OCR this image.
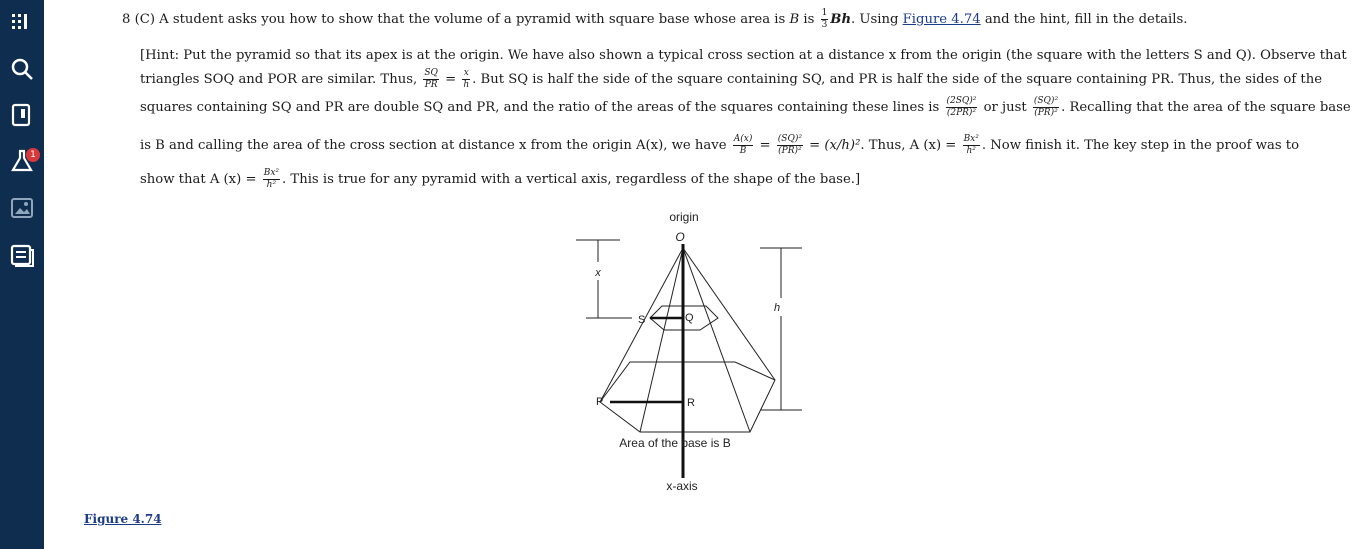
1
8 (C) A student asks you how to show that the volume of a pyramid with square base whose area is B is $\frac{1}{3} Bh$. Using Figure 4.74 and the hint, fill in the details.
[Hint: Put the pyramid so that its apex is at the origin. We have also shown a typical cross section at a distance x from the origin (the square with the letters S and Q). Observe that
triangles SOQ and POR are similar. Thus, $\frac{SQ}{PR} = \frac{x}{h}$ . But SQ is half the side of the square containing SQ, and PR is half the side of the square containing PR. Thus, the sides of the
squares containing SQ and PR are double SQ and PR, and the ratio of the areas of the squares containing these lines is $\frac{\text{(2SQ)²}}{\text{(2PR)²}}$ or just $\frac{\text{(SQ)²}}{\text{(PR)²}}$ . Recalling that the area of the square base
is B and calling the area of the cross section at distance x from the origin A(x), we have $\frac{A(x)}{B} = \frac{\text{(SQ)²}}{\text{(PR)²}} = (x/h)^2$. Thus, A $(x) = \frac{\text{Bx²}}{\text{h²}}$ . Now finish it. The key step in the proof was to
show that A $(x) = \frac{\text{Bx²}}{\text{h²}}$ . This is true for any pyramid with a vertical axis, regardless of the shape of the base.]
origin
O
x
S	Q
h
P	R
Area of the base is B
x-axis
Figure 4.74
